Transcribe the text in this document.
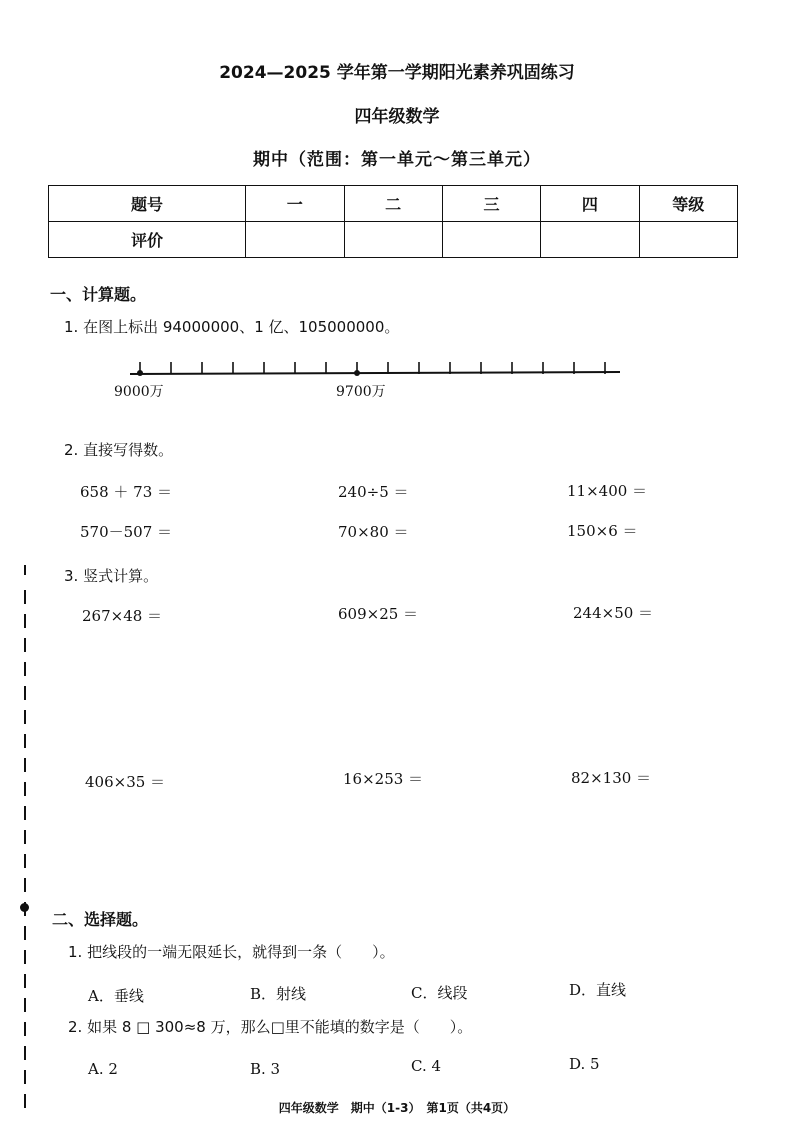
2024—2025 学年第一学期阳光素养巩固练习
四年级数学
期中（范围：第一单元～第三单元）
题号	一	二	三	四	等级
评价					
一、计算题。
1. 在图上标出 94000000、1 亿、105000000。
9000万	9700万
2. 直接写得数。
658 ＋ 73 ＝	240÷5 ＝	11×400 ＝
570－507 ＝	70×80 ＝	150×6 ＝
3. 竖式计算。
267×48 ＝	609×25 ＝	244×50 ＝
406×35 ＝	16×253 ＝	82×130 ＝
二、选择题。
1. 把线段的一端无限延长，就得到一条（　　）。
A．垂线	B．射线	C．线段	D．直线
2. 如果 8 □ 300≈8 万，那么□里不能填的数字是（　　）。
A. 2	B. 3	C. 4	D. 5
四年级数学　期中（1-3）　第1页（共4页）
